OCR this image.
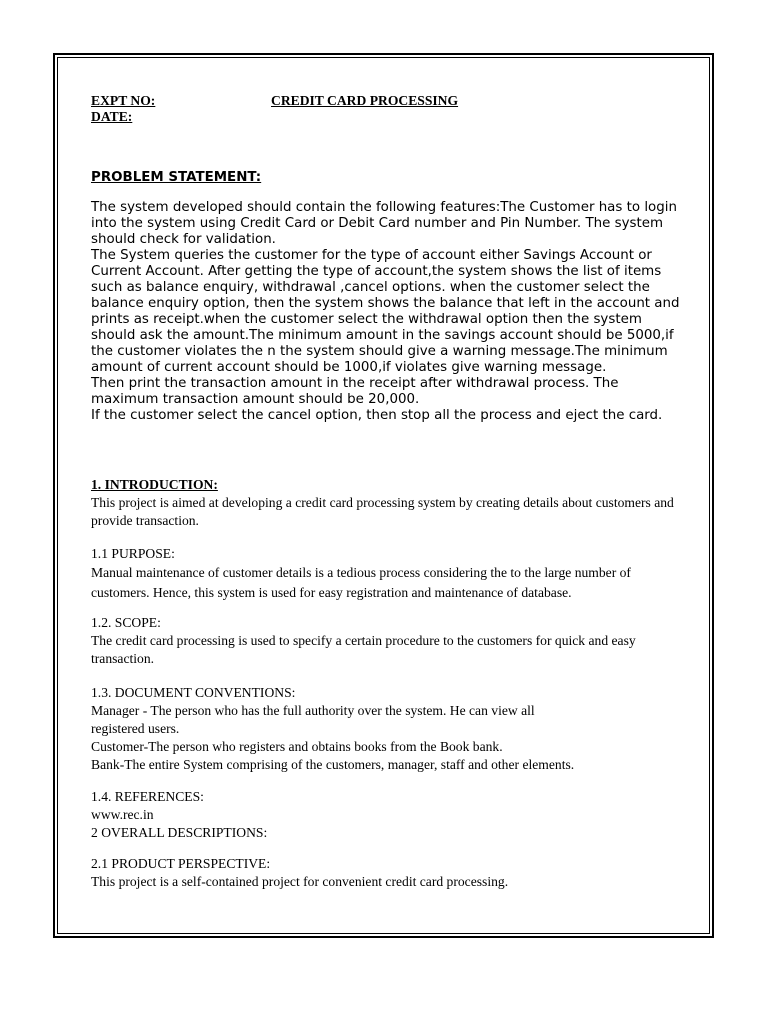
EXPT NO:
DATE:
CREDIT CARD PROCESSING

PROBLEM STATEMENT:

The system developed should contain the following features:The Customer has to login into the system using Credit Card or Debit Card number and Pin Number. The system should check for validation.

The System queries the customer for the type of account either Savings Account or Current Account. After getting the type of account,the system shows the list of items such as balance enquiry, withdrawal ,cancel options. when the customer select the balance enquiry option, then the system shows the balance that left in the account and prints as receipt.when the customer select the withdrawal option then the system should ask the amount.The minimum amount in the savings account should be 5000,if the customer violates the n the system should give a warning message.The minimum amount of current account should be 1000,if violates give warning message.

Then print the transaction amount in the receipt after withdrawal process. The maximum transaction amount should be 20,000.

If the customer select the cancel option, then stop all the process and eject the card.

1. INTRODUCTION:

This project is aimed at developing a credit card processing system by creating details about customers and provide transaction.

1.1 PURPOSE:

Manual maintenance of customer details is a tedious process considering the to the large number of customers. Hence, this system is used for easy registration and maintenance of database.

1.2. SCOPE:

The credit card processing is used to specify a certain procedure to the customers for quick and easy transaction.

1.3. DOCUMENT CONVENTIONS:

Manager - The person who has the full authority over the system. He can view all registered users.

Customer-The person who registers and obtains books from the Book bank.

Bank-The entire System comprising of the customers, manager, staff and other elements.

1.4. REFERENCES:

www.rec.in

2 OVERALL DESCRIPTIONS:

2.1 PRODUCT PERSPECTIVE:

This project is a self-contained project for convenient credit card processing.
